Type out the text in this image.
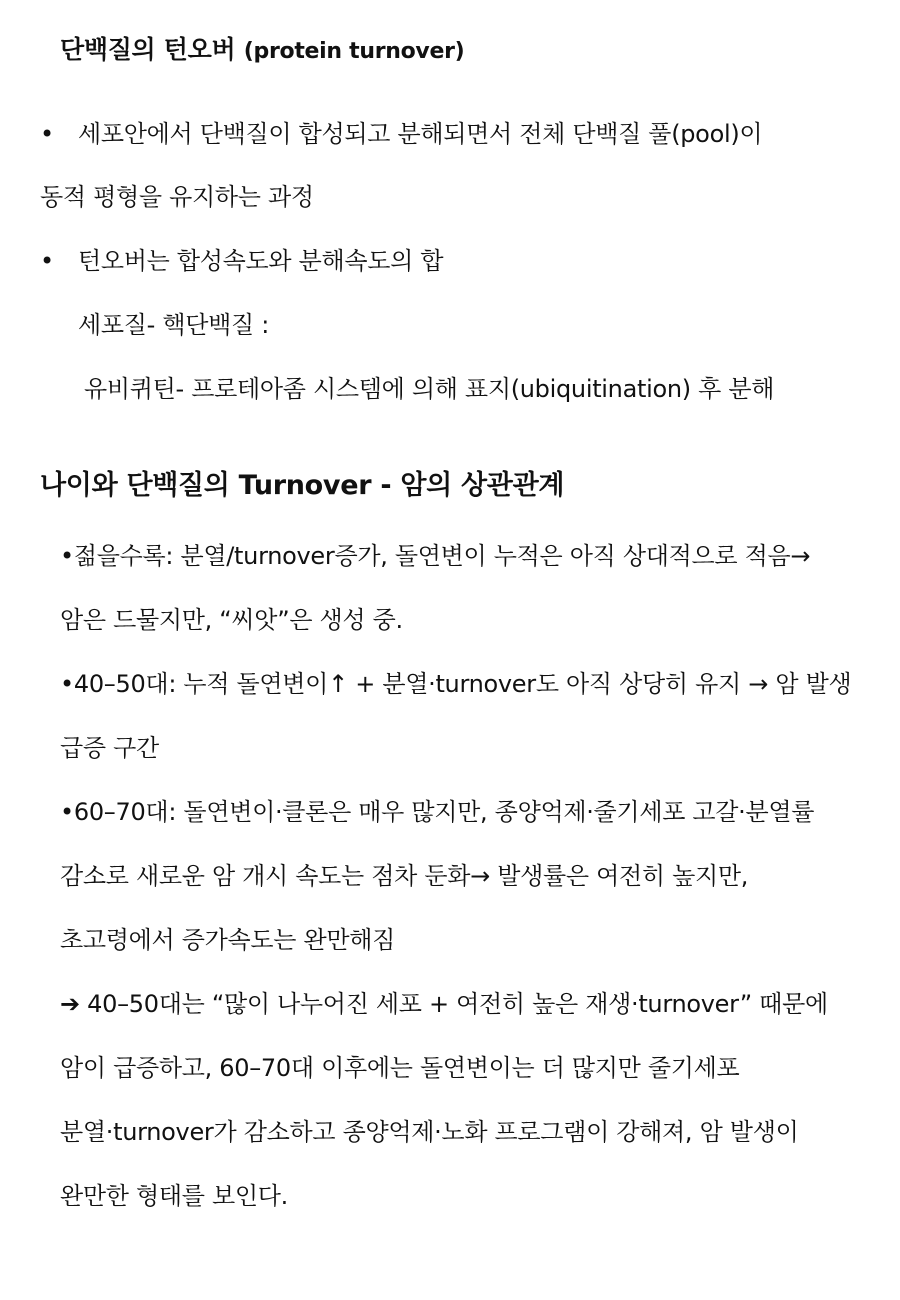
단백질의 턴오버 (protein turnover)
• 세포안에서 단백질이 합성되고 분해되면서 전체 단백질 풀(pool)이
동적 평형을 유지하는 과정
• 턴오버는 합성속도와 분해속도의 합
세포질- 핵단백질 :
유비퀴틴- 프로테아좀 시스템에 의해 표지(ubiquitination) 후 분해
나이와 단백질의 Turnover - 암의 상관관계
•젊을수록: 분열/turnover증가, 돌연변이 누적은 아직 상대적으로 적음→
암은 드물지만, “씨앗”은 생성 중.
•40–50대: 누적 돌연변이↑ + 분열·turnover도 아직 상당히 유지 → 암 발생
급증 구간
•60–70대: 돌연변이·클론은 매우 많지만, 종양억제·줄기세포 고갈·분열률
감소로 새로운 암 개시 속도는 점차 둔화→ 발생률은 여전히 높지만,
초고령에서 증가속도는 완만해짐
➔ 40–50대는 “많이 나누어진 세포 + 여전히 높은 재생·turnover” 때문에
암이 급증하고, 60–70대 이후에는 돌연변이는 더 많지만 줄기세포
분열·turnover가 감소하고 종양억제·노화 프로그램이 강해져, 암 발생이
완만한 형태를 보인다.
